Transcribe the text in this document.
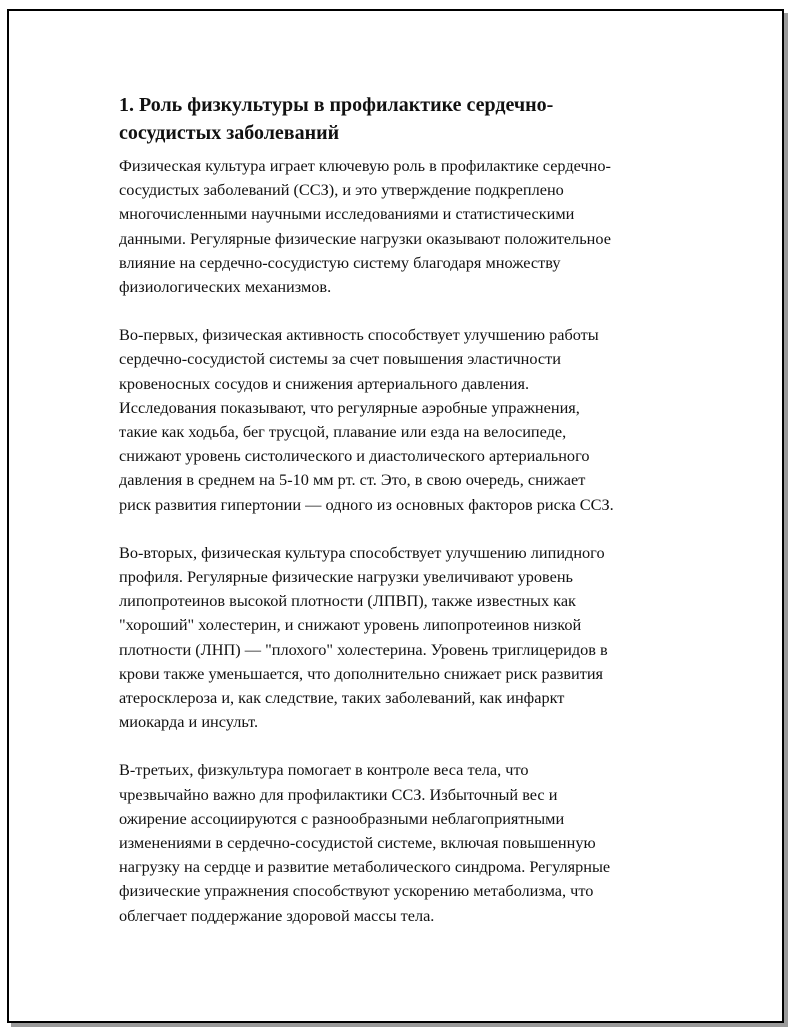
1. Роль физкультуры в профилактике сердечно-
сосудистых заболеваний

Физическая культура играет ключевую роль в профилактике сердечно-
сосудистых заболеваний (ССЗ), и это утверждение подкреплено
многочисленными научными исследованиями и статистическими
данными. Регулярные физические нагрузки оказывают положительное
влияние на сердечно-сосудистую систему благодаря множеству
физиологических механизмов.

Во-первых, физическая активность способствует улучшению работы
сердечно-сосудистой системы за счет повышения эластичности
кровеносных сосудов и снижения артериального давления.
Исследования показывают, что регулярные аэробные упражнения,
такие как ходьба, бег трусцой, плавание или езда на велосипеде,
снижают уровень систолического и диастолического артериального
давления в среднем на 5-10 мм рт. ст. Это, в свою очередь, снижает
риск развития гипертонии — одного из основных факторов риска ССЗ.

Во-вторых, физическая культура способствует улучшению липидного
профиля. Регулярные физические нагрузки увеличивают уровень
липопротеинов высокой плотности (ЛПВП), также известных как
"хороший" холестерин, и снижают уровень липопротеинов низкой
плотности (ЛНП) — "плохого" холестерина. Уровень триглицеридов в
крови также уменьшается, что дополнительно снижает риск развития
атеросклероза и, как следствие, таких заболеваний, как инфаркт
миокарда и инсульт.

В-третьих, физкультура помогает в контроле веса тела, что
чрезвычайно важно для профилактики ССЗ. Избыточный вес и
ожирение ассоциируются с разнообразными неблагоприятными
изменениями в сердечно-сосудистой системе, включая повышенную
нагрузку на сердце и развитие метаболического синдрома. Регулярные
физические упражнения способствуют ускорению метаболизма, что
облегчает поддержание здоровой массы тела.
